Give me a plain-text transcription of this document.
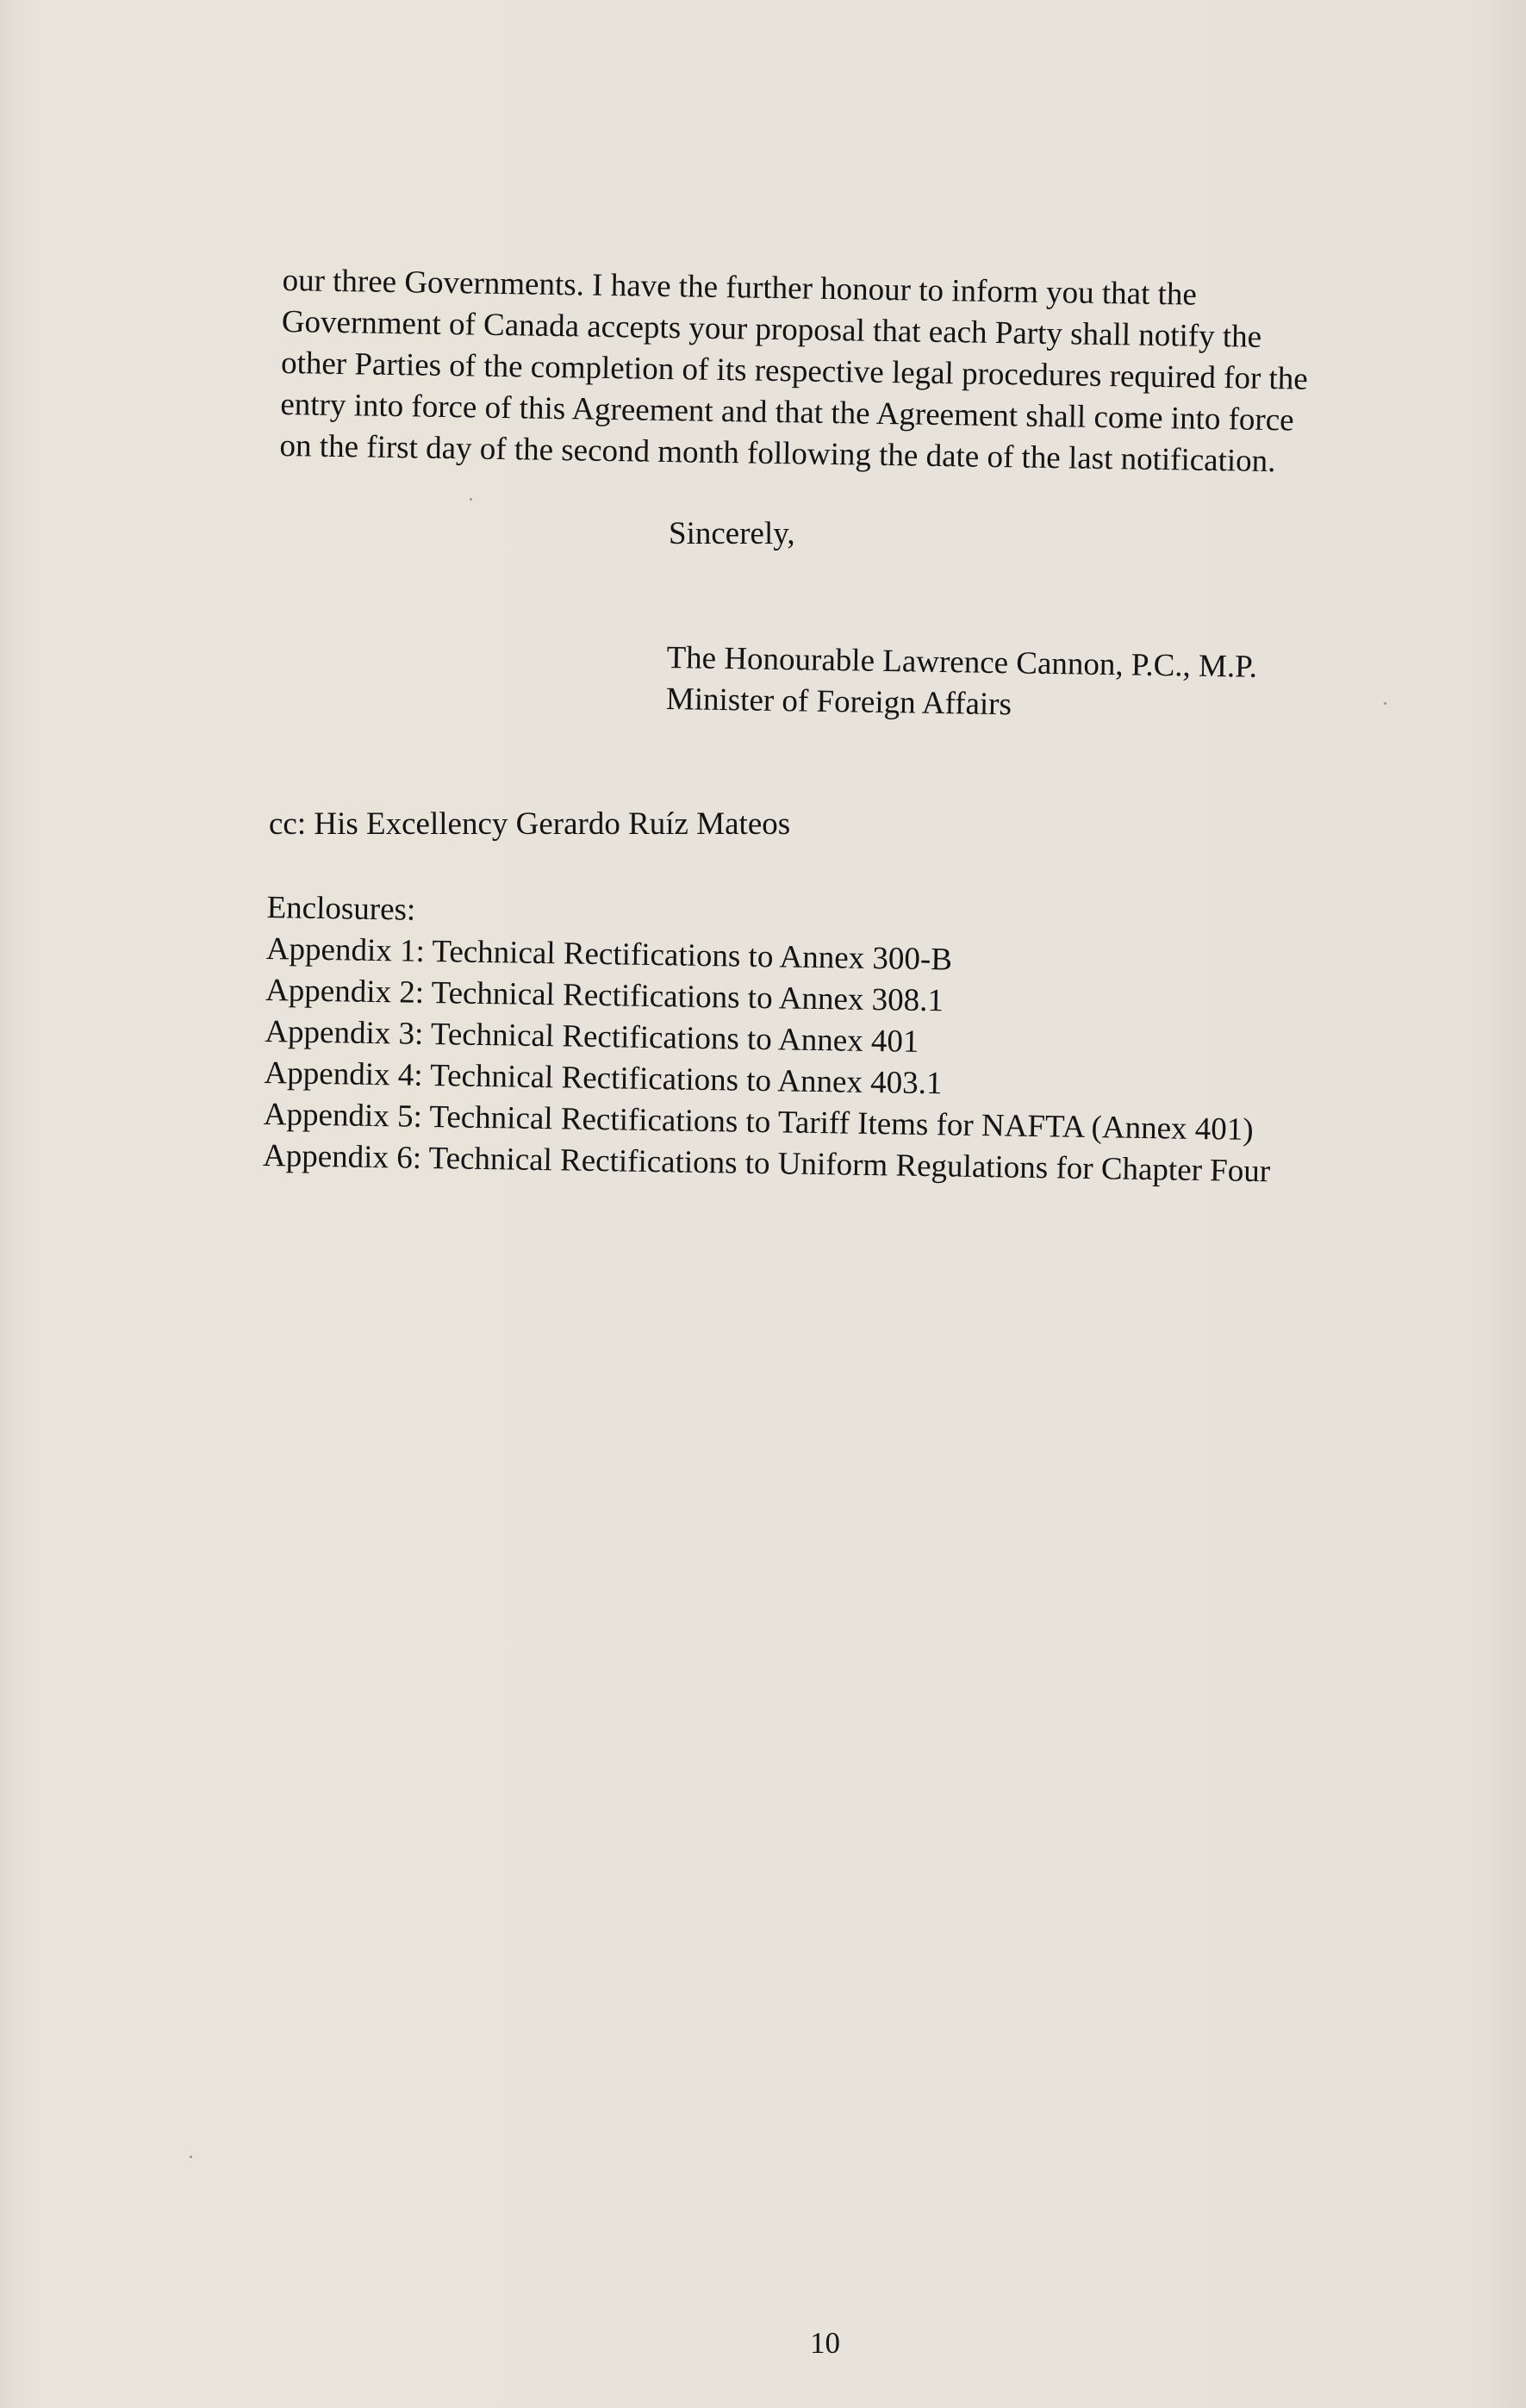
our three Governments. I have the further honour to inform you that the
Government of Canada accepts your proposal that each Party shall notify the
other Parties of the completion of its respective legal procedures required for the
entry into force of this Agreement and that the Agreement shall come into force
on the first day of the second month following the date of the last notification.
Sincerely,
The Honourable Lawrence Cannon, P.C., M.P.
Minister of Foreign Affairs
cc: His Excellency Gerardo Ruíz Mateos
Enclosures:
Appendix 1: Technical Rectifications to Annex 300-B
Appendix 2: Technical Rectifications to Annex 308.1
Appendix 3: Technical Rectifications to Annex 401
Appendix 4: Technical Rectifications to Annex 403.1
Appendix 5: Technical Rectifications to Tariff Items for NAFTA (Annex 401)
Appendix 6: Technical Rectifications to Uniform Regulations for Chapter Four
10
